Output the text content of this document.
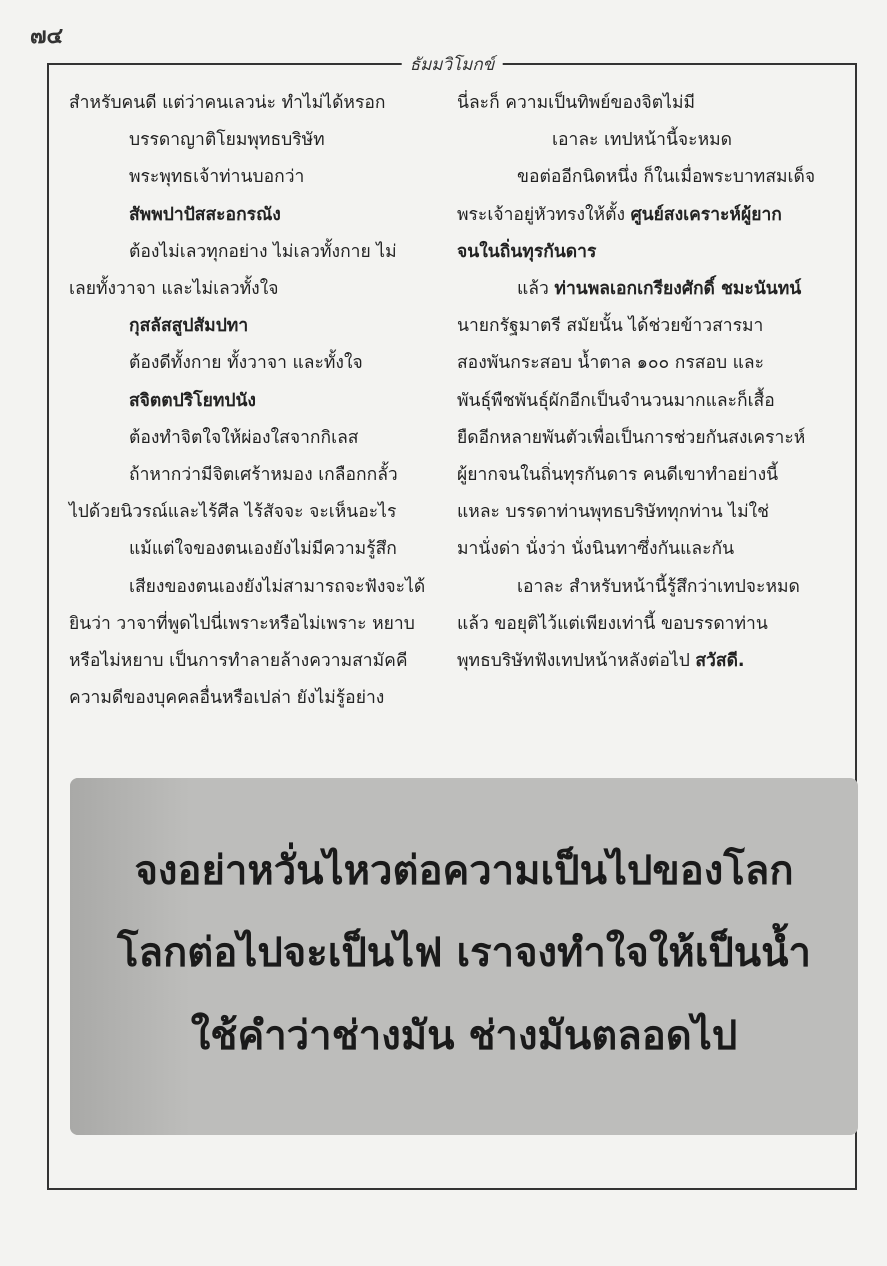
๗๔
ธัมมวิโมกข์
สำหรับคนดี แต่ว่าคนเลวน่ะ ทำไม่ได้หรอก
บรรดาญาติโยมพุทธบริษัท
พระพุทธเจ้าท่านบอกว่า
สัพพปาปัสสะอกรณัง
ต้องไม่เลวทุกอย่าง ไม่เลวทั้งกาย ไม่
เลยทั้งวาจา และไม่เลวทั้งใจ
กุสลัสสูปสัมปทา
ต้องดีทั้งกาย ทั้งวาจา และทั้งใจ
สจิตตปริโยทปนัง
ต้องทำจิตใจให้ผ่องใสจากกิเลส
ถ้าหากว่ามีจิตเศร้าหมอง เกลือกกลั้ว
ไปด้วยนิวรณ์และไร้ศีล ไร้สัจจะ จะเห็นอะไร
แม้แต่ใจของตนเองยังไม่มีความรู้สึก
เสียงของตนเองยังไม่สามารถจะฟังจะได้
ยินว่า วาจาที่พูดไปนี่เพราะหรือไม่เพราะ หยาบ
หรือไม่หยาบ เป็นการทำลายล้างความสามัคคี
ความดีของบุคคลอื่นหรือเปล่า ยังไม่รู้อย่าง
นี่ละก็ ความเป็นทิพย์ของจิตไม่มี
เอาละ เทปหน้านี้จะหมด
ขอต่ออีกนิดหนึ่ง ก็ในเมื่อพระบาทสมเด็จ
พระเจ้าอยู่หัวทรงให้ตั้ง ศูนย์สงเคราะห์ผู้ยาก
จนในถิ่นทุรกันดาร
แล้ว ท่านพลเอกเกรียงศักดิ์ ชมะนันทน์
นายกรัฐมาตรี สมัยนั้น ได้ช่วยข้าวสารมา
สองพันกระสอบ น้ำตาล ๑๐๐ กรสอบ และ
พันธุ์พืชพันธุ์ผักอีกเป็นจำนวนมากและก็เสื้อ
ยืดอีกหลายพันตัวเพื่อเป็นการช่วยกันสงเคราะห์
ผู้ยากจนในถิ่นทุรกันดาร คนดีเขาทำอย่างนี้
แหละ บรรดาท่านพุทธบริษัททุกท่าน ไม่ใช่
มานั่งด่า นั่งว่า นั่งนินทาซึ่งกันและกัน
เอาละ สำหรับหน้านี้รู้สึกว่าเทปจะหมด
แล้ว ขอยุติไว้แต่เพียงเท่านี้ ขอบรรดาท่าน
พุทธบริษัทฟังเทปหน้าหลังต่อไป สวัสดี.
จงอย่าหวั่นไหวต่อความเป็นไปของโลก
โลกต่อไปจะเป็นไฟ เราจงทำใจให้เป็นน้ำ
ใช้คำว่าช่างมัน ช่างมันตลอดไป
